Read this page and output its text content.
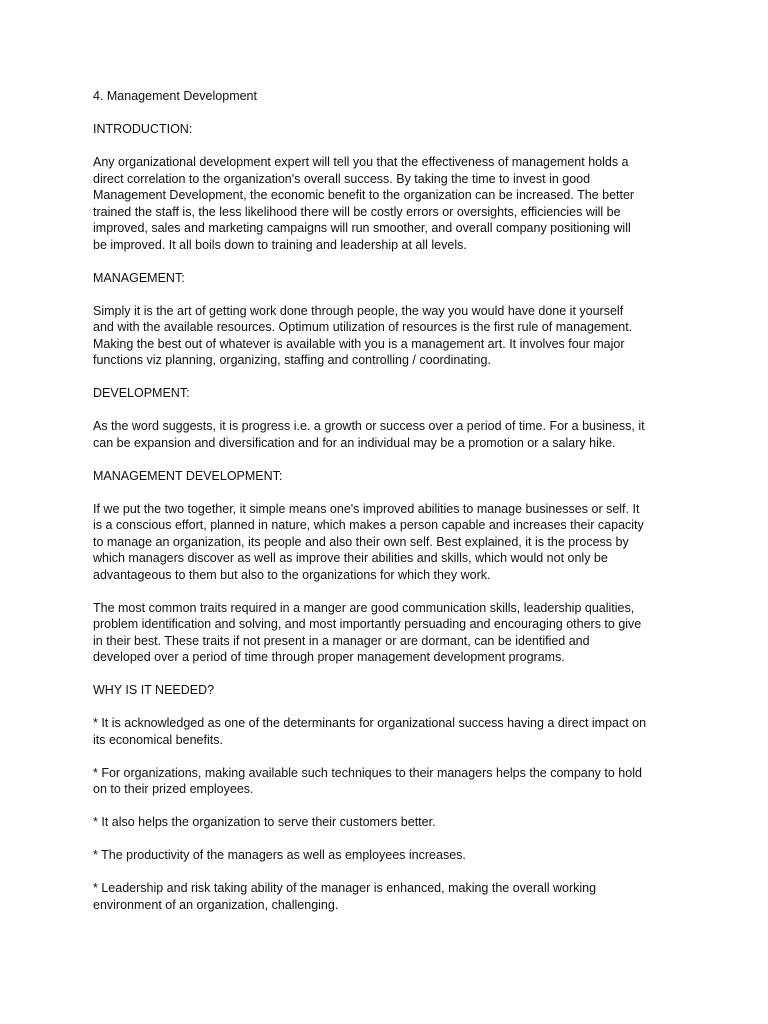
4. Management Development
INTRODUCTION:
Any organizational development expert will tell you that the effectiveness of management holds a
direct correlation to the organization's overall success. By taking the time to invest in good
Management Development, the economic benefit to the organization can be increased. The better
trained the staff is, the less likelihood there will be costly errors or oversights, efficiencies will be
improved, sales and marketing campaigns will run smoother, and overall company positioning will
be improved. It all boils down to training and leadership at all levels.
MANAGEMENT:
Simply it is the art of getting work done through people, the way you would have done it yourself
and with the available resources. Optimum utilization of resources is the first rule of management.
Making the best out of whatever is available with you is a management art. It involves four major
functions viz planning, organizing, staffing and controlling / coordinating.
DEVELOPMENT:
As the word suggests, it is progress i.e. a growth or success over a period of time. For a business, it
can be expansion and diversification and for an individual may be a promotion or a salary hike.
MANAGEMENT DEVELOPMENT:
If we put the two together, it simple means one's improved abilities to manage businesses or self. It
is a conscious effort, planned in nature, which makes a person capable and increases their capacity
to manage an organization, its people and also their own self. Best explained, it is the process by
which managers discover as well as improve their abilities and skills, which would not only be
advantageous to them but also to the organizations for which they work.
The most common traits required in a manger are good communication skills, leadership qualities,
problem identification and solving, and most importantly persuading and encouraging others to give
in their best. These traits if not present in a manager or are dormant, can be identified and
developed over a period of time through proper management development programs.
WHY IS IT NEEDED?
* It is acknowledged as one of the determinants for organizational success having a direct impact on
its economical benefits.
* For organizations, making available such techniques to their managers helps the company to hold
on to their prized employees.
* It also helps the organization to serve their customers better.
* The productivity of the managers as well as employees increases.
* Leadership and risk taking ability of the manager is enhanced, making the overall working
environment of an organization, challenging.
